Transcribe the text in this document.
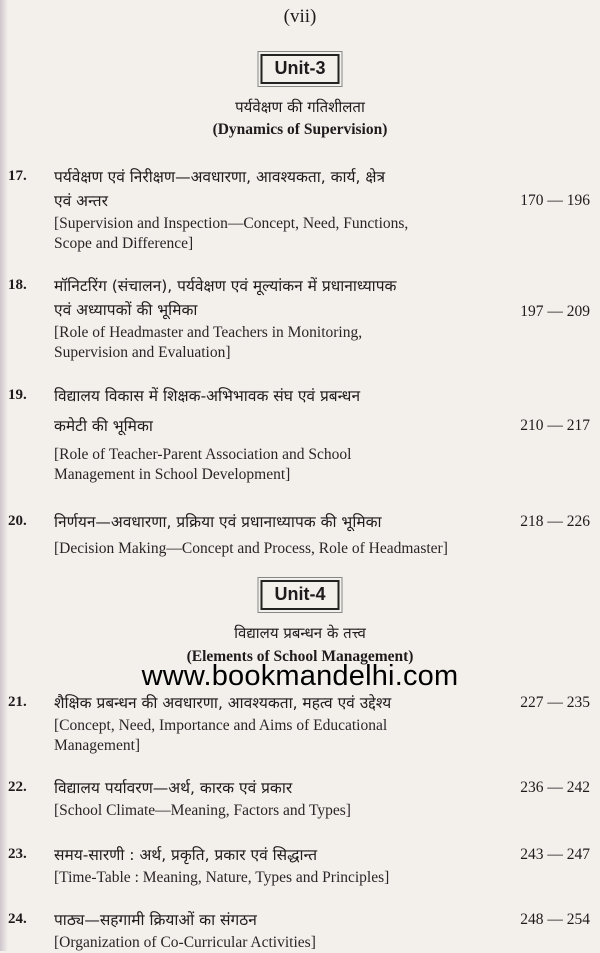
(vii)
Unit-3
पर्यवेक्षण की गतिशीलता
(Dynamics of Supervision)
17. पर्यवेक्षण एवं निरीक्षण—अवधारणा, आवश्यकता, कार्य, क्षेत्र
एवं अन्तर
[Supervision and Inspection—Concept, Need, Functions,
Scope and Difference]
170 — 196
18. मॉनिटरिंग (संचालन), पर्यवेक्षण एवं मूल्यांकन में प्रधानाध्यापक
एवं अध्यापकों की भूमिका
[Role of Headmaster and Teachers in Monitoring,
Supervision and Evaluation]
197 — 209
19. विद्यालय विकास में शिक्षक-अभिभावक संघ एवं प्रबन्धन
कमेटी की भूमिका
[Role of Teacher-Parent Association and School
Management in School Development]
210 — 217
20. निर्णयन—अवधारणा, प्रक्रिया एवं प्रधानाध्यापक की भूमिका
[Decision Making—Concept and Process, Role of Headmaster]
218 — 226
Unit-4
विद्यालय प्रबन्धन के तत्त्व
(Elements of School Management)
www.bookmandelhi.com
21. शैक्षिक प्रबन्धन की अवधारणा, आवश्यकता, महत्व एवं उद्देश्य
[Concept, Need, Importance and Aims of Educational
Management]
227 — 235
22. विद्यालय पर्यावरण—अर्थ, कारक एवं प्रकार
[School Climate—Meaning, Factors and Types]
236 — 242
23. समय-सारणी : अर्थ, प्रकृति, प्रकार एवं सिद्धान्त
[Time-Table : Meaning, Nature, Types and Principles]
243 — 247
24. पाठ्य—सहगामी क्रियाओं का संगठन
[Organization of Co-Curricular Activities]
248 — 254
